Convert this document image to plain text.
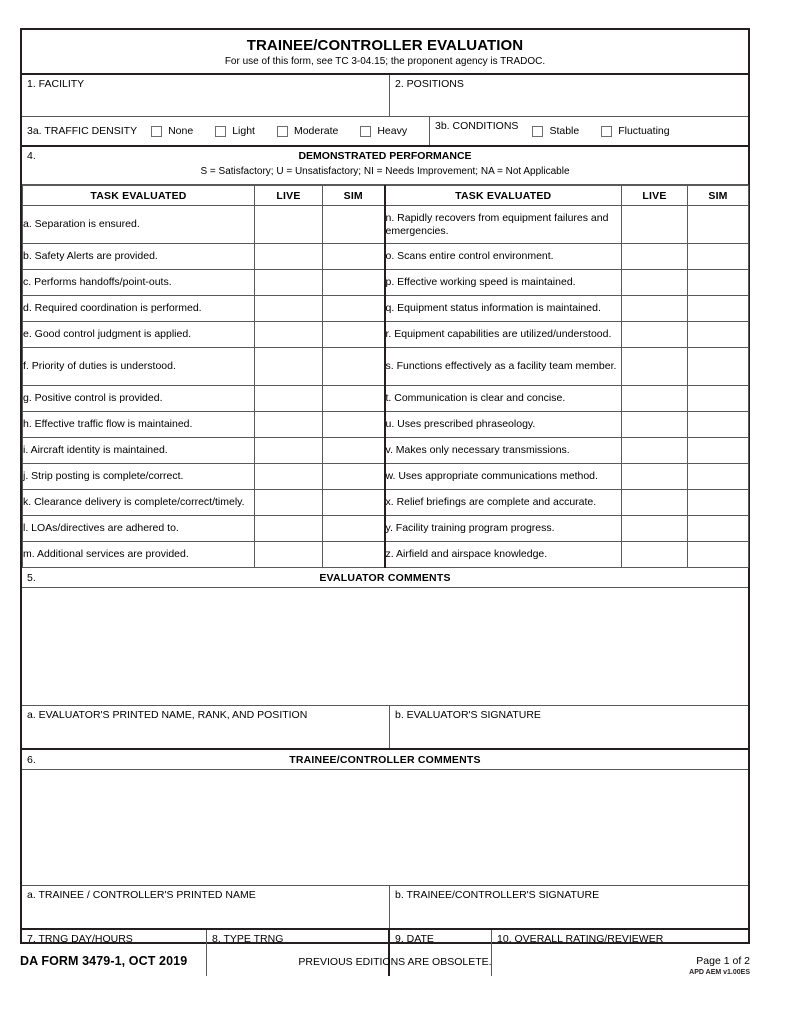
TRAINEE/CONTROLLER EVALUATION
For use of this form, see TC 3-04.15; the proponent agency is TRADOC.
1. FACILITY	2. POSITIONS
3a. TRAFFIC DENSITY	None	Light	Moderate	Heavy	3b. CONDITIONS	Stable	Fluctuating
4.	DEMONSTRATED PERFORMANCE
S = Satisfactory; U = Unsatisfactory; NI = Needs Improvement; NA = Not Applicable
TASK EVALUATED	LIVE	SIM	TASK EVALUATED	LIVE	SIM
a. Separation is ensured.			n. Rapidly recovers from equipment failures and emergencies.		
b. Safety Alerts are provided.			o. Scans entire control environment.		
c. Performs handoffs/point-outs.			p. Effective working speed is maintained.		
d. Required coordination is performed.			q. Equipment status information is maintained.		
e. Good control judgment is applied.			r. Equipment capabilities are utilized/understood.		
f. Priority of duties is understood.			s. Functions effectively as a facility team member.		
g. Positive control is provided.			t. Communication is clear and concise.		
h. Effective traffic flow is maintained.			u. Uses prescribed phraseology.		
i. Aircraft identity is maintained.			v. Makes only necessary transmissions.		
j. Strip posting is complete/correct.			w. Uses appropriate communications method.		
k. Clearance delivery is complete/correct/timely.			x. Relief briefings are complete and accurate.		
l. LOAs/directives are adhered to.			y. Facility training program progress.		
m. Additional services are provided.			z. Airfield and airspace knowledge.		
5.	EVALUATOR COMMENTS
a. EVALUATOR'S PRINTED NAME, RANK, AND POSITION	b. EVALUATOR'S SIGNATURE
6.	TRAINEE/CONTROLLER COMMENTS
a. TRAINEE / CONTROLLER'S PRINTED NAME	b. TRAINEE/CONTROLLER'S SIGNATURE
7. TRNG DAY/HOURS	8. TYPE TRNG	9. DATE	10. OVERALL RATING/REVIEWER
DA FORM 3479-1, OCT 2019	PREVIOUS EDITIONS ARE OBSOLETE.	Page 1 of 2
APD AEM v1.00ES
